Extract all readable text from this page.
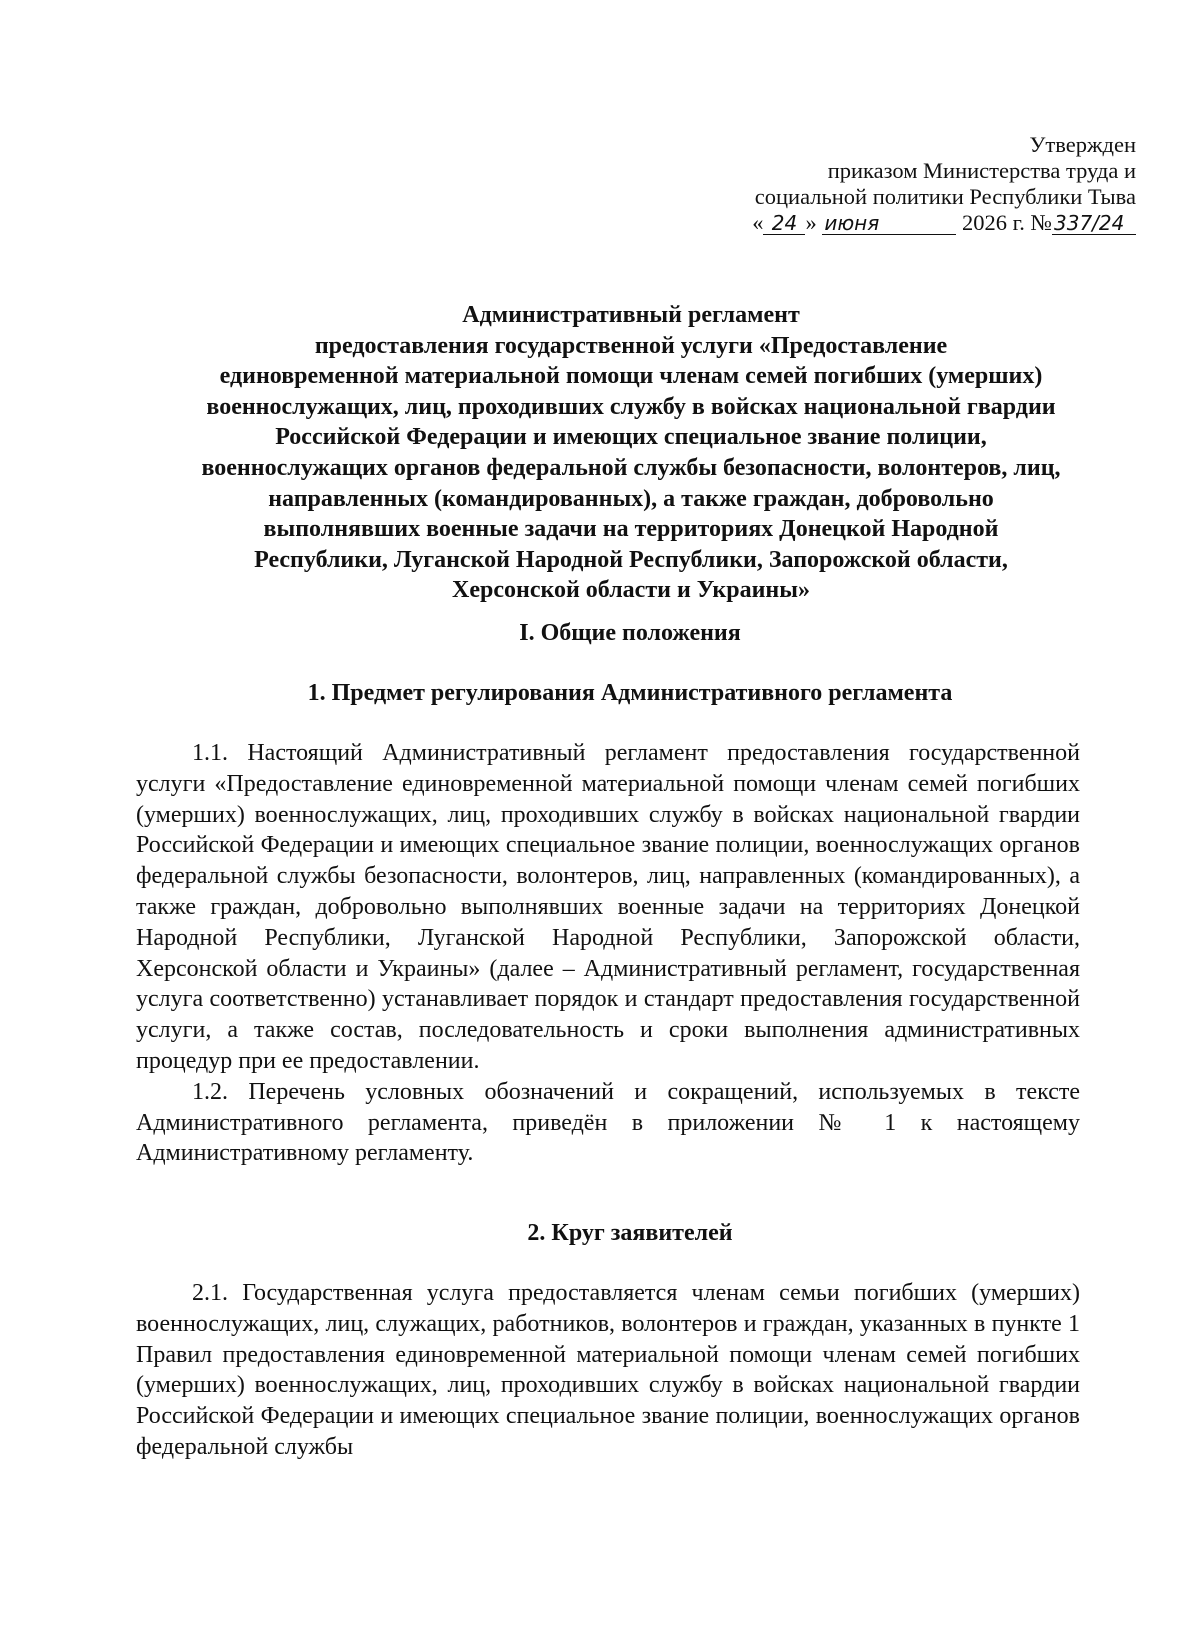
Утвержден
приказом Министерства труда и
социальной политики Республики Тыва
« 24 » июня	2026 г. № 337/24
Административный регламент
предоставления государственной услуги «Предоставление
единовременной материальной помощи членам семей погибших (умерших)
военнослужащих, лиц, проходивших службу в войсках национальной гвардии
Российской Федерации и имеющих специальное звание полиции,
военнослужащих органов федеральной службы безопасности, волонтеров, лиц,
направленных (командированных), а также граждан, добровольно
выполнявших военные задачи на территориях Донецкой Народной
Республики, Луганской Народной Республики, Запорожской области,
Херсонской области и Украины»
I. Общие положения
1. Предмет регулирования Административного регламента

1.1. Настоящий Административный регламент предоставления государственной услуги «Предоставление единовременной материальной помощи членам семей погибших (умерших) военнослужащих, лиц, проходивших службу в войсках национальной гвардии Российской Федерации и имеющих специальное звание полиции, военнослужащих органов федеральной службы безопасности, волонтеров, лиц, направленных (командированных), а также граждан, добровольно выполнявших военные задачи на территориях Донецкой Народной Республики, Луганской Народной Республики, Запорожской области, Херсонской области и Украины» (далее – Административный регламент, государственная услуга соответственно) устанавливает порядок и стандарт предоставления государственной услуги, а также состав, последовательность и сроки выполнения административных процедур при ее предоставлении.

1.2. Перечень условных обозначений и сокращений, используемых в тексте Административного регламента, приведён в приложении № 1 к настоящему Административному регламенту.

2. Круг заявителей

2.1. Государственная услуга предоставляется членам семьи погибших (умерших) военнослужащих, лиц, служащих, работников, волонтеров и граждан, указанных в пункте 1 Правил предоставления единовременной материальной помощи членам семей погибших (умерших) военнослужащих, лиц, проходивших службу в войсках национальной гвардии Российской Федерации и имеющих специальное звание полиции, военнослужащих органов федеральной службы
